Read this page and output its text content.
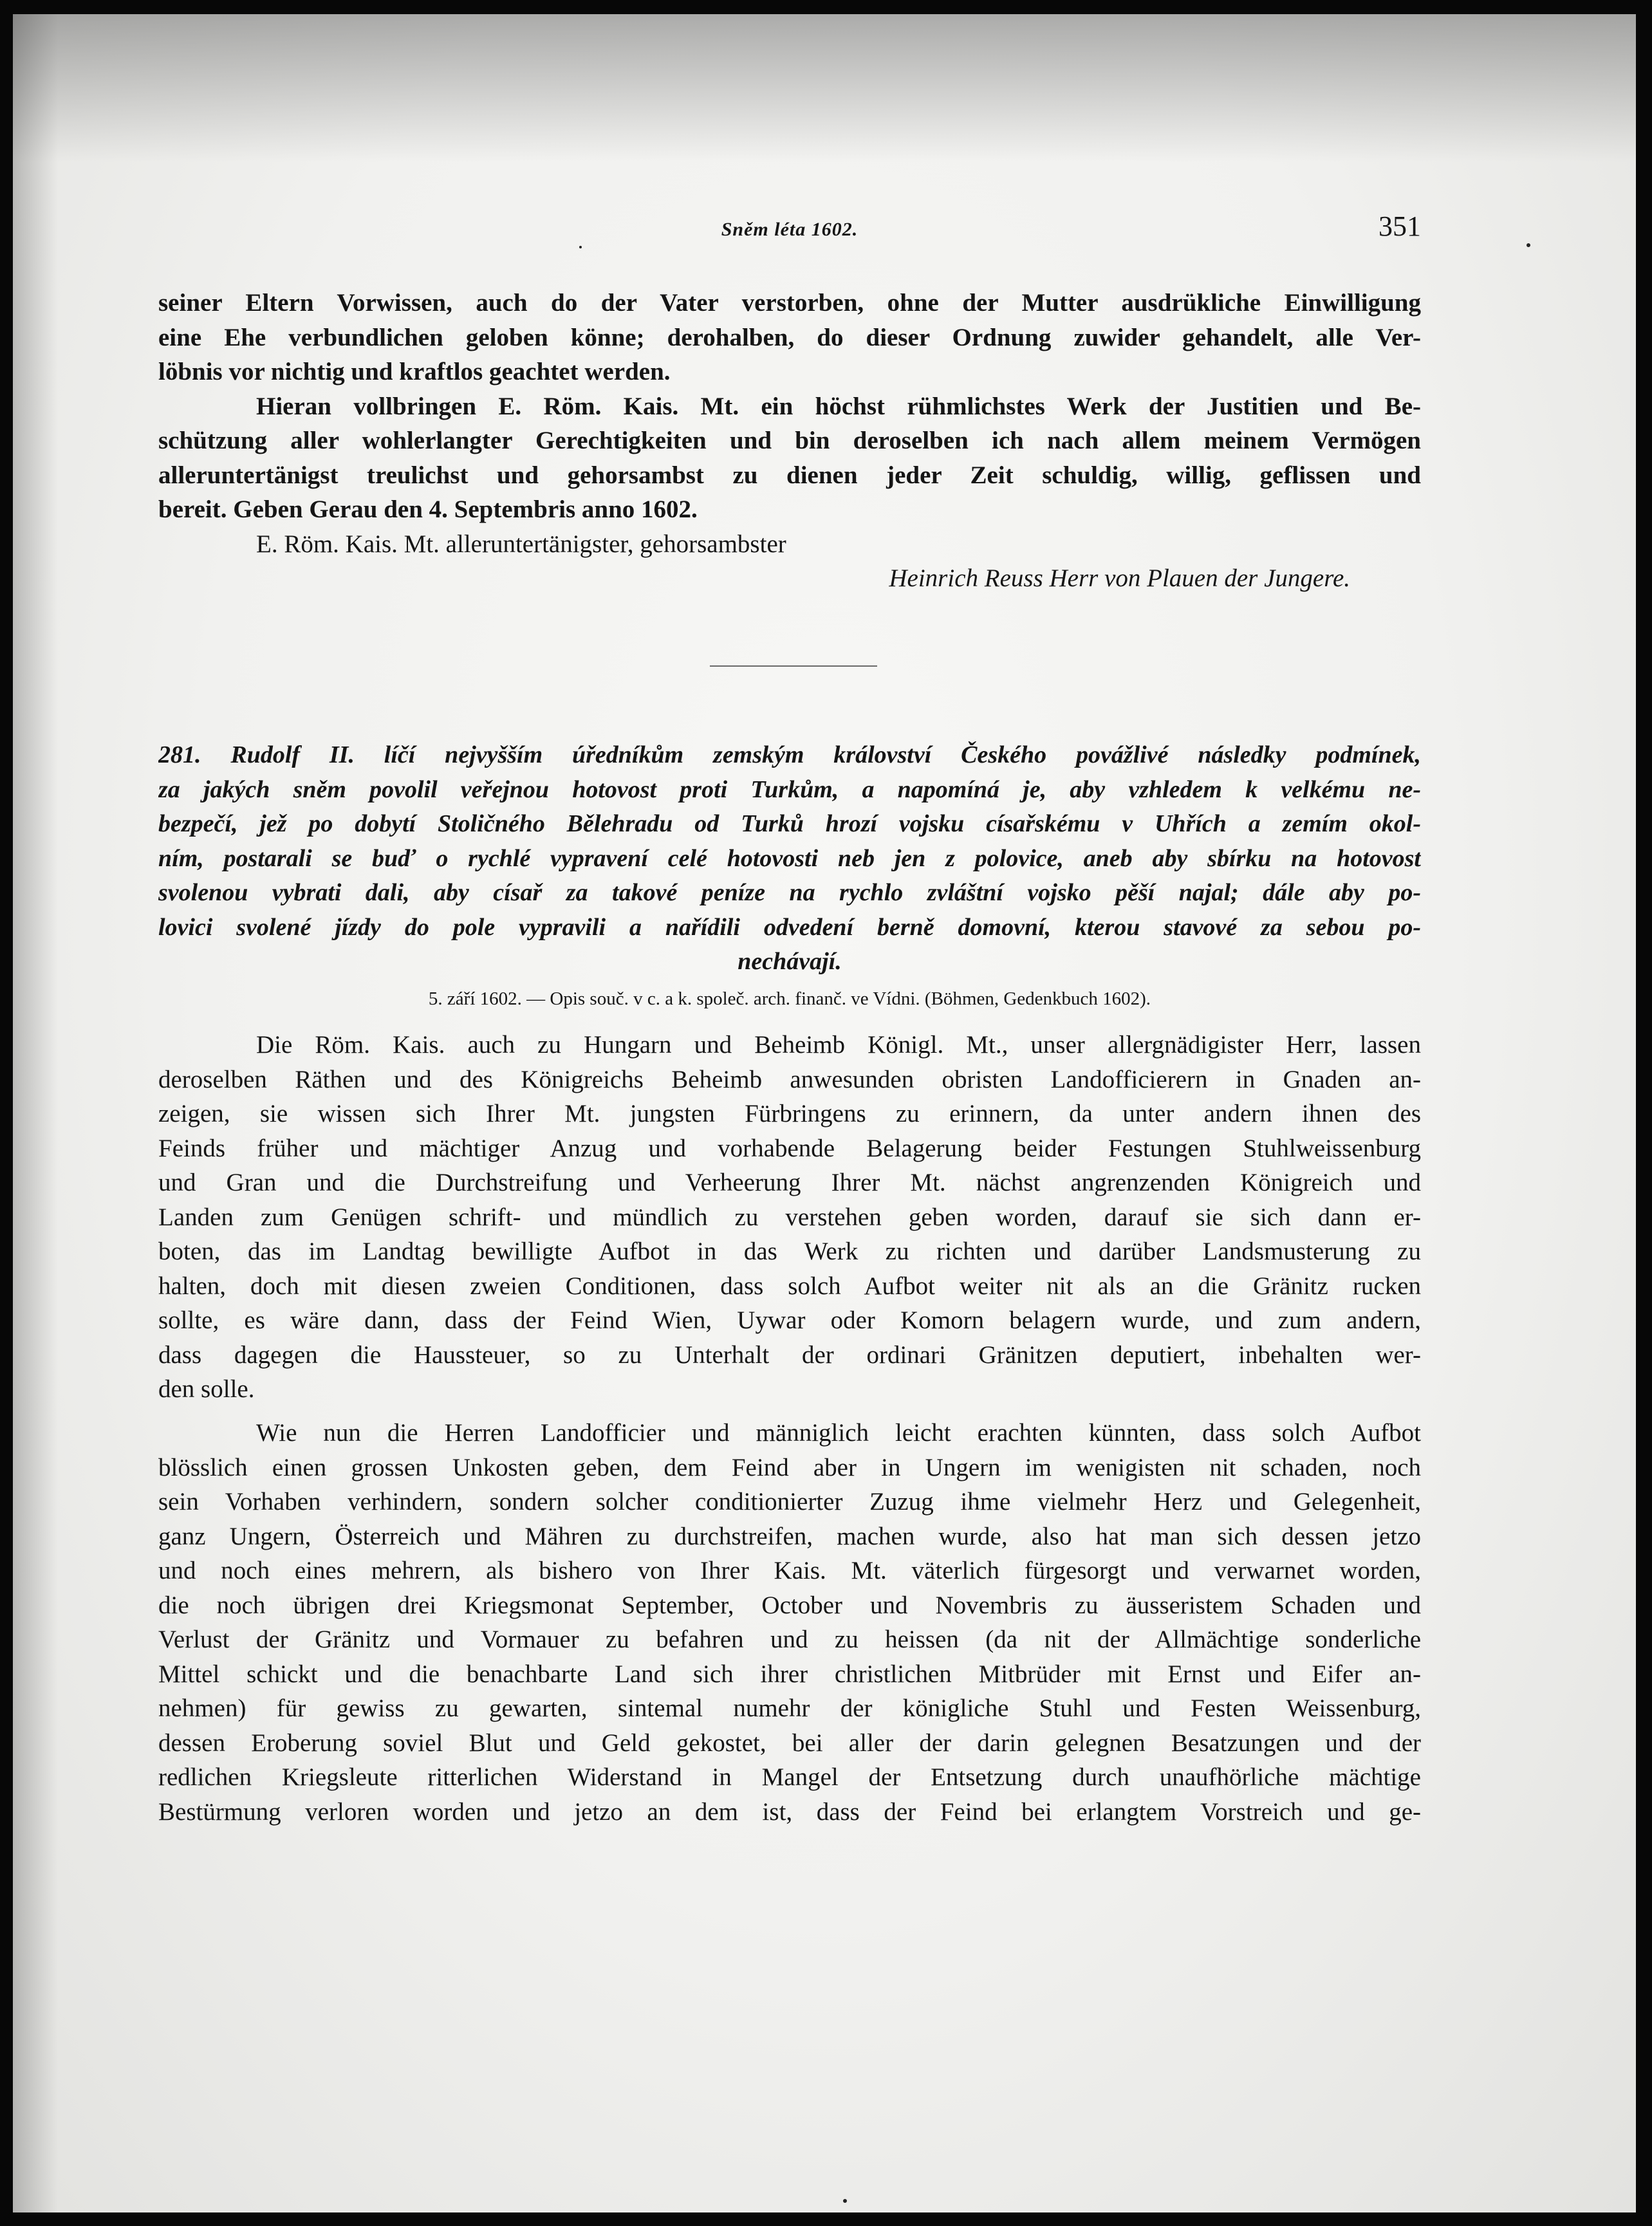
Sněm léta 1602.	351
seiner Eltern Vorwissen, auch do der Vater verstorben, ohne der Mutter ausdrükliche Einwilligung
eine Ehe verbundlichen geloben könne; derohalben, do dieser Ordnung zuwider gehandelt, alle Ver-
löbnis vor nichtig und kraftlos geachtet werden.
Hieran vollbringen E. Röm. Kais. Mt. ein höchst rühmlichstes Werk der Justitien und Be-
schützung aller wohlerlangter Gerechtigkeiten und bin deroselben ich nach allem meinem Vermögen
alleruntertänigst treulichst und gehorsambst zu dienen jeder Zeit schuldig, willig, geflissen und
bereit. Geben Gerau den 4. Septembris anno 1602.
E. Röm. Kais. Mt. alleruntertänigster, gehorsambster
Heinrich Reuss Herr von Plauen der Jungere.
281. Rudolf II. líčí nejvyšším úředníkům zemským království Českého povážlivé následky podmínek,
za jakých sněm povolil veřejnou hotovost proti Turkům, a napomíná je, aby vzhledem k velkému ne-
bezpečí, jež po dobytí Stoličného Bělehradu od Turků hrozí vojsku císařskému v Uhřích a zemím okol-
ním, postarali se buď o rychlé vypravení celé hotovosti neb jen z polovice, aneb aby sbírku na hotovost
svolenou vybrati dali, aby císař za takové peníze na rychlo zvláštní vojsko pěší najal; dále aby po-
lovici svolené jízdy do pole vypravili a nařídili odvedení berně domovní, kterou stavové za sebou po-
nechávají.
5. září 1602. — Opis souč. v c. a k. společ. arch. finanč. ve Vídni. (Böhmen, Gedenkbuch 1602).
Die Röm. Kais. auch zu Hungarn und Beheimb Königl. Mt., unser allergnädigister Herr, lassen
deroselben Räthen und des Königreichs Beheimb anwesunden obristen Landofficierern in Gnaden an-
zeigen, sie wissen sich Ihrer Mt. jungsten Fürbringens zu erinnern, da unter andern ihnen des
Feinds früher und mächtiger Anzug und vorhabende Belagerung beider Festungen Stuhlweissenburg
und Gran und die Durchstreifung und Verheerung Ihrer Mt. nächst angrenzenden Königreich und
Landen zum Genügen schrift- und mündlich zu verstehen geben worden, darauf sie sich dann er-
boten, das im Landtag bewilligte Aufbot in das Werk zu richten und darüber Landsmusterung zu
halten, doch mit diesen zweien Conditionen, dass solch Aufbot weiter nit als an die Gränitz rucken
sollte, es wäre dann, dass der Feind Wien, Uywar oder Komorn belagern wurde, und zum andern,
dass dagegen die Haussteuer, so zu Unterhalt der ordinari Gränitzen deputiert, inbehalten wer-
den solle.
Wie nun die Herren Landofficier und männiglich leicht erachten künnten, dass solch Aufbot
blösslich einen grossen Unkosten geben, dem Feind aber in Ungern im wenigisten nit schaden, noch
sein Vorhaben verhindern, sondern solcher conditionierter Zuzug ihme vielmehr Herz und Gelegenheit,
ganz Ungern, Österreich und Mähren zu durchstreifen, machen wurde, also hat man sich dessen jetzo
und noch eines mehrern, als bishero von Ihrer Kais. Mt. väterlich fürgesorgt und verwarnet worden,
die noch übrigen drei Kriegsmonat September, October und Novembris zu äusseristem Schaden und
Verlust der Gränitz und Vormauer zu befahren und zu heissen (da nit der Allmächtige sonderliche
Mittel schickt und die benachbarte Land sich ihrer christlichen Mitbrüder mit Ernst und Eifer an-
nehmen) für gewiss zu gewarten, sintemal numehr der königliche Stuhl und Festen Weissenburg,
dessen Eroberung soviel Blut und Geld gekostet, bei aller der darin gelegnen Besatzungen und der
redlichen Kriegsleute ritterlichen Widerstand in Mangel der Entsetzung durch unaufhörliche mächtige
Bestürmung verloren worden und jetzo an dem ist, dass der Feind bei erlangtem Vorstreich und ge-
